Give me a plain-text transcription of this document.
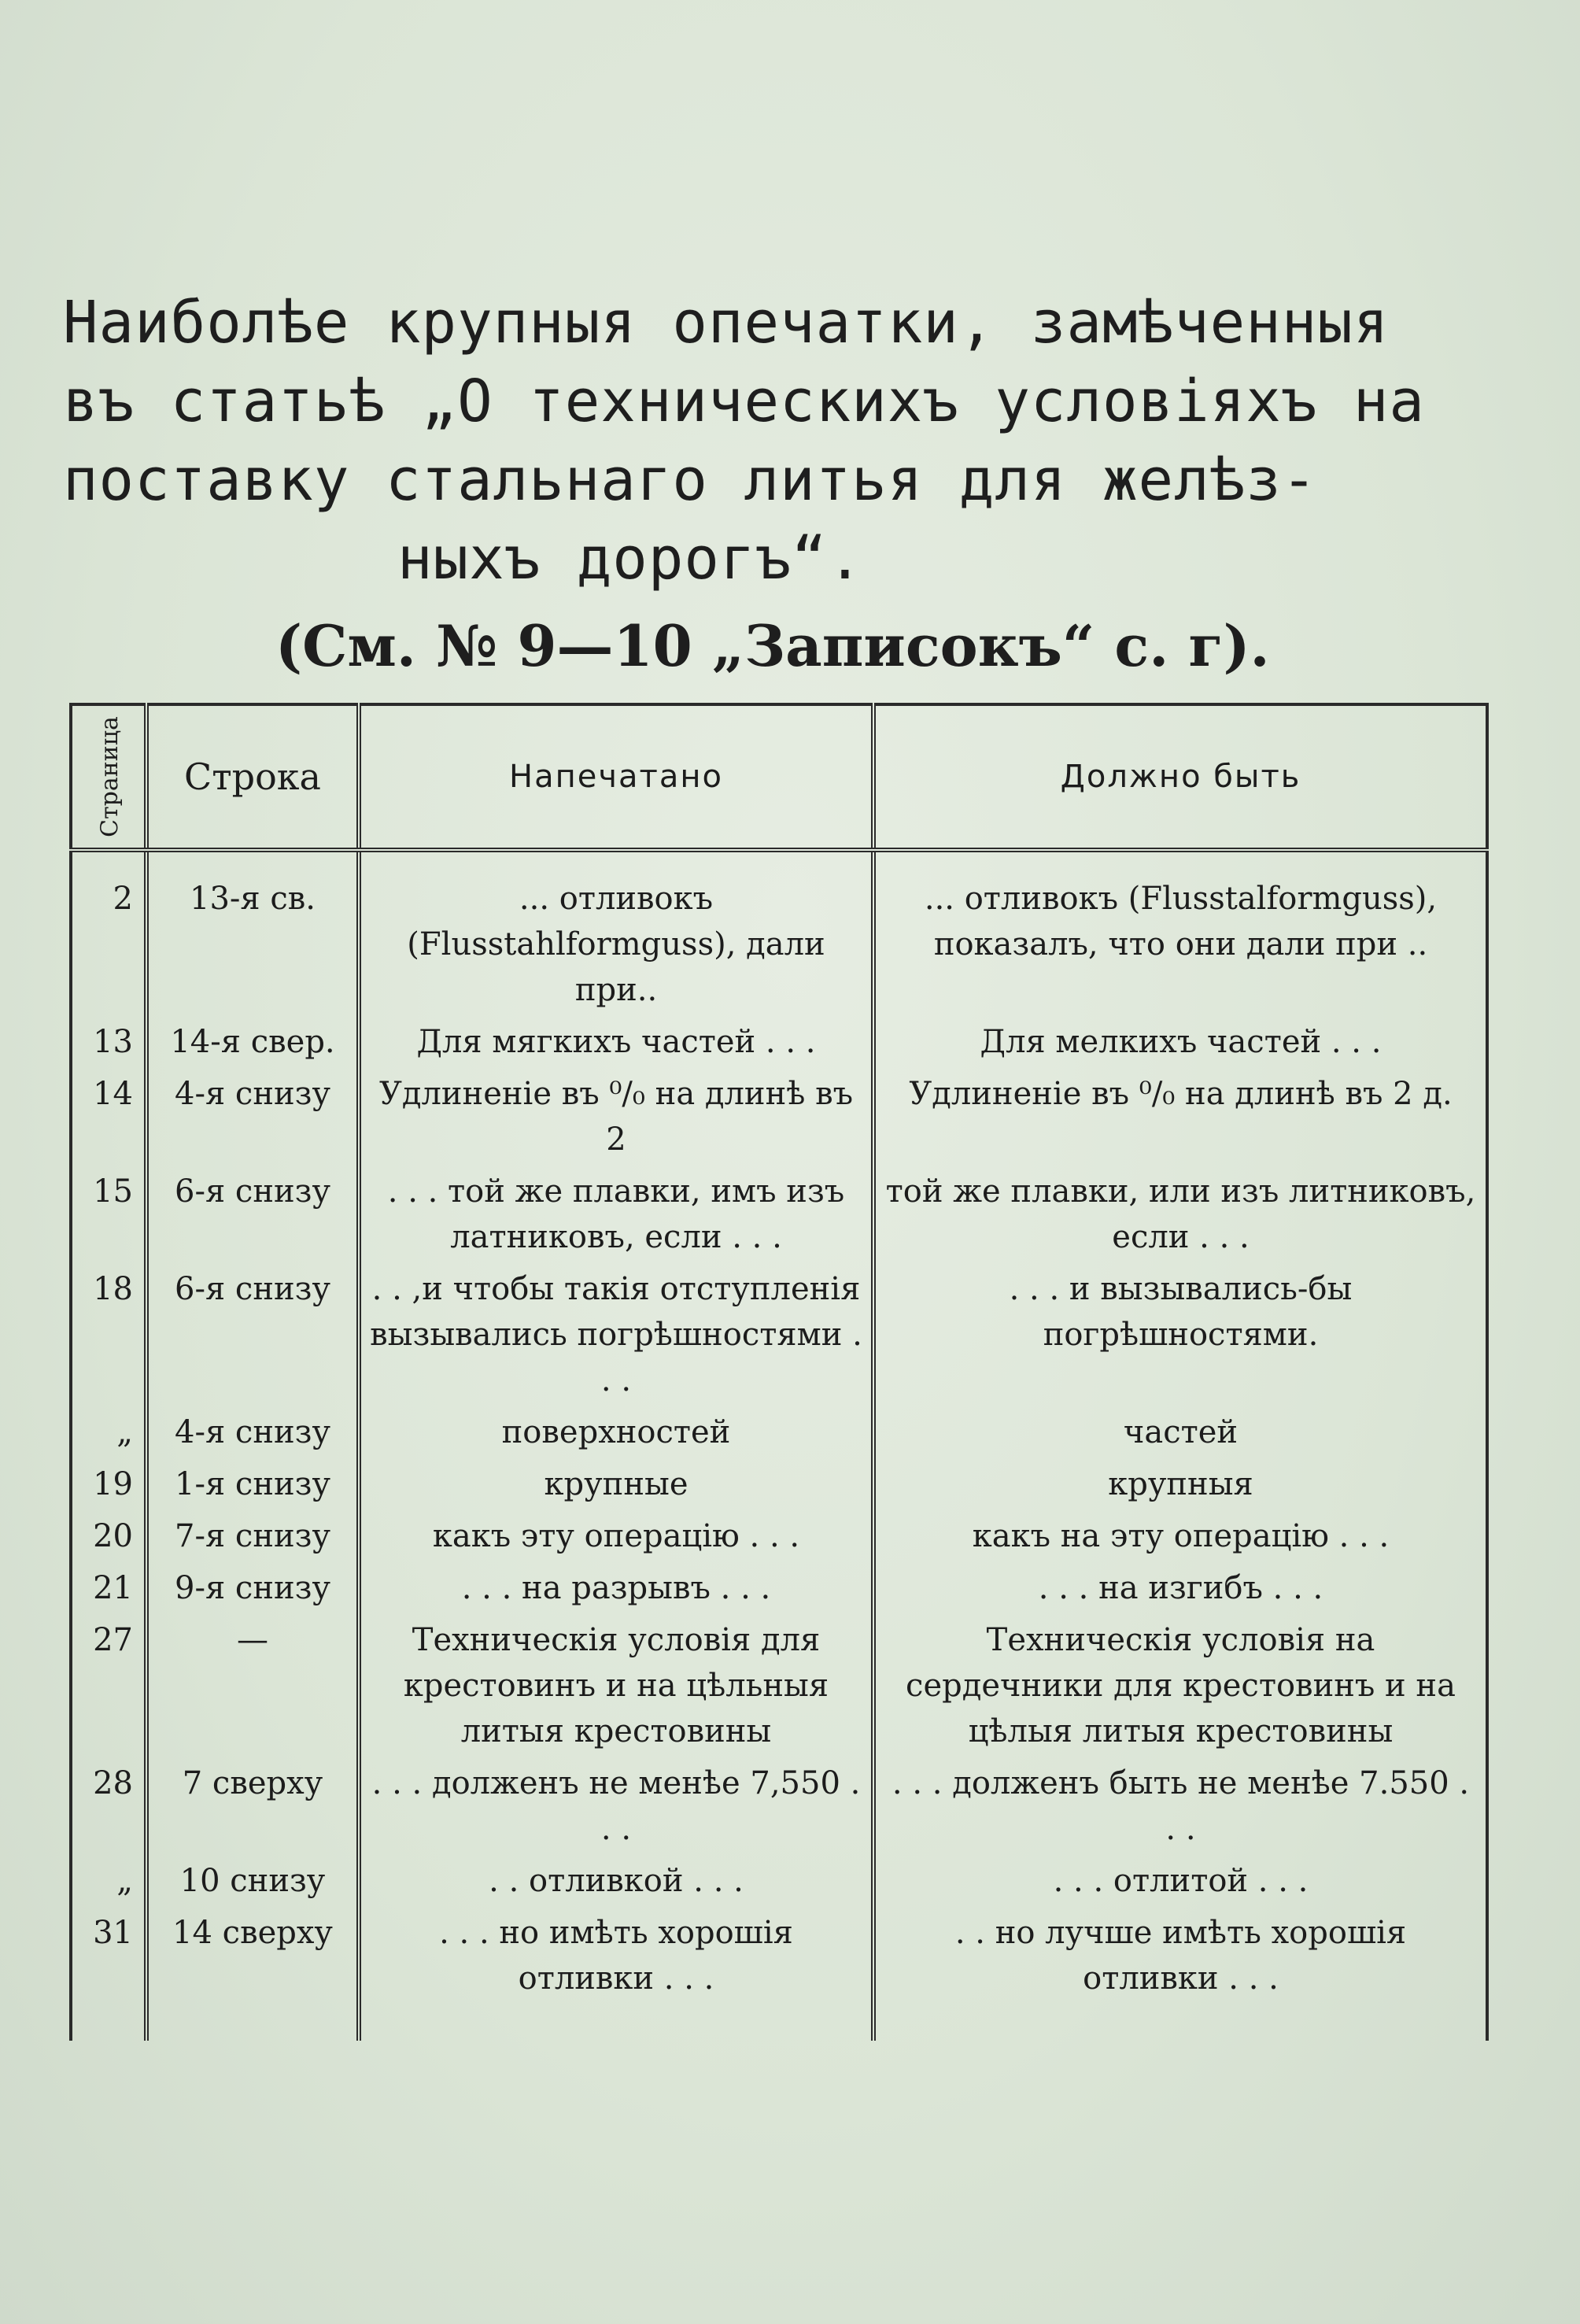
Наиболѣе крупныя опечатки, замѣченныя
въ статьѣ „О техническихъ условіяхъ на
поставку стальнаго литья для желѣз-
ныхъ дорогъ“.
(См. № 9—10 „Записокъ“ с. г).
Страница	Строка	Напечатано	Должно быть
2	13-я св.	... отливокъ (Flusstahlformguss), дали при..	... отливокъ (Flusstalformguss), показалъ, что они дали при ..
13	14-я свер.	Для мягкихъ частей . . .	Для мелкихъ частей . . .
14	4-я снизу	Удлиненіе въ ⁰/₀ на длинѣ въ 2	Удлиненіе въ ⁰/₀ на длинѣ въ 2 д.
15	6-я снизу	. . . той же плавки, имъ изъ латниковъ, если . . .	той же плавки, или изъ литниковъ, если . . .
18	6-я снизу	. . ,и чтобы такія отступленія вызывались погрѣшностями . . .	. . . и вызывались-бы погрѣшностями.
„	4-я снизу	поверхностей	частей
19	1-я снизу	крупные	крупныя
20	7-я снизу	какъ эту операцію . . .	какъ на эту операцію . . .
21	9-я снизу	. . . на разрывъ . . .	. . . на изгибъ . . .
27	—	Техническія условія для крестовинъ и на цѣльныя литыя крестовины	Техническія условія на сердечники для крестовинъ и на цѣлыя литыя крестовины
28	7 сверху	. . . долженъ не менѣе 7,550 . . .	. . . долженъ быть не менѣе 7.550 . . .
„	10 снизу	. . отливкой . . .	. . . отлитой . . .
31	14 сверху	. . . но имѣть хорошія отливки . . .	. . но лучше имѣть хорошія отливки . . .
